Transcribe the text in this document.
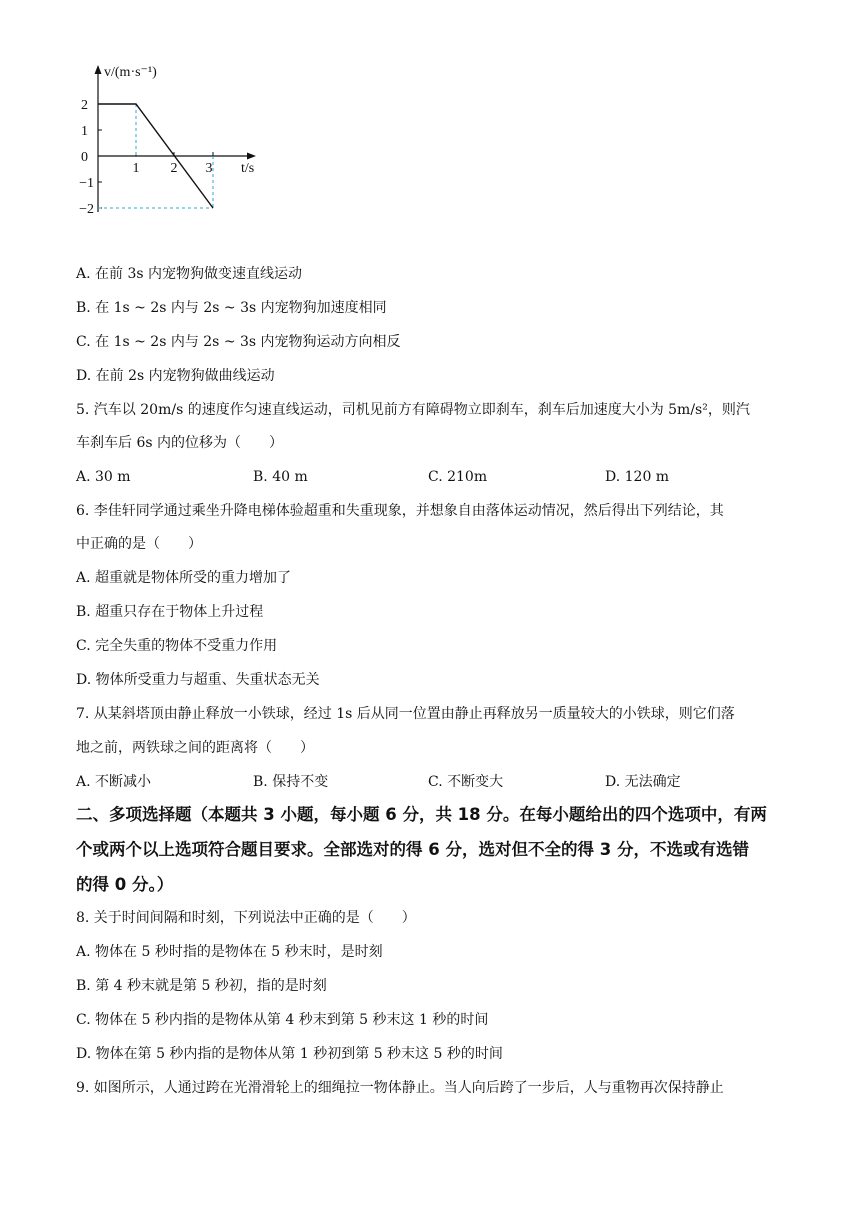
v/(m·s⁻¹)
t/s
2
1
0
−1
−2
1 2 3
A. 在前 3s 内宠物狗做变速直线运动
B. 在 1s ~ 2s 内与 2s ~ 3s 内宠物狗加速度相同
C. 在 1s ~ 2s 内与 2s ~ 3s 内宠物狗运动方向相反
D. 在前 2s 内宠物狗做曲线运动
5. 汽车以 20m/s 的速度作匀速直线运动，司机见前方有障碍物立即刹车，刹车后加速度大小为 5m/s²，则汽
车刹车后 6s 内的位移为（　　）
A. 30 m	B. 40 m	C. 210m	D. 120 m
6. 李佳轩同学通过乘坐升降电梯体验超重和失重现象，并想象自由落体运动情况，然后得出下列结论，其
中正确的是（　　）
A. 超重就是物体所受的重力增加了
B. 超重只存在于物体上升过程
C. 完全失重的物体不受重力作用
D. 物体所受重力与超重、失重状态无关
7. 从某斜塔顶由静止释放一小铁球，经过 1s 后从同一位置由静止再释放另一质量较大的小铁球，则它们落
地之前，两铁球之间的距离将（　　）
A. 不断减小	B. 保持不变	C. 不断变大	D. 无法确定
二、多项选择题（本题共 3 小题，每小题 6 分，共 18 分。在每小题给出的四个选项中，有两
个或两个以上选项符合题目要求。全部选对的得 6 分，选对但不全的得 3 分，不选或有选错
的得 0 分。）
8. 关于时间间隔和时刻，下列说法中正确的是（　　）
A. 物体在 5 秒时指的是物体在 5 秒末时，是时刻
B. 第 4 秒末就是第 5 秒初，指的是时刻
C. 物体在 5 秒内指的是物体从第 4 秒末到第 5 秒末这 1 秒的时间
D. 物体在第 5 秒内指的是物体从第 1 秒初到第 5 秒末这 5 秒的时间
9. 如图所示，人通过跨在光滑滑轮上的细绳拉一物体静止。当人向后跨了一步后，人与重物再次保持静止
